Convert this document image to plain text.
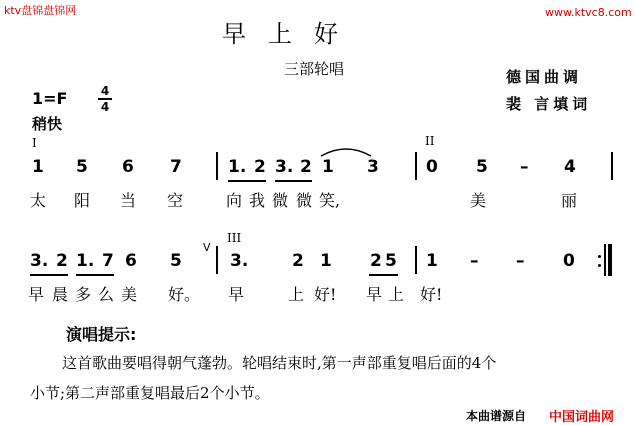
ktv盘锦盘锦网	www.ktvc8.com
早上好
三部轮唱	德国曲调
裴 言填词
1=F	4
4
稍快
I	II
1 5 6 7	1. 2 3. 2 1 3	0 5 – 4
太 阳 当 空	向 我 微 微 笑,	美	丽
III
V
3. 2 1. 7 6 5	3.	2 1 2 5 1 – – 0
早 晨 多 么 美 好。 早	上 好! 早 上 好!
演唱提示:
这首歌曲要唱得朝气蓬勃。轮唱结束时,第一声部重复唱后面的4个
小节;第二声部重复唱最后2个小节。
本曲谱源自 中国词曲网
